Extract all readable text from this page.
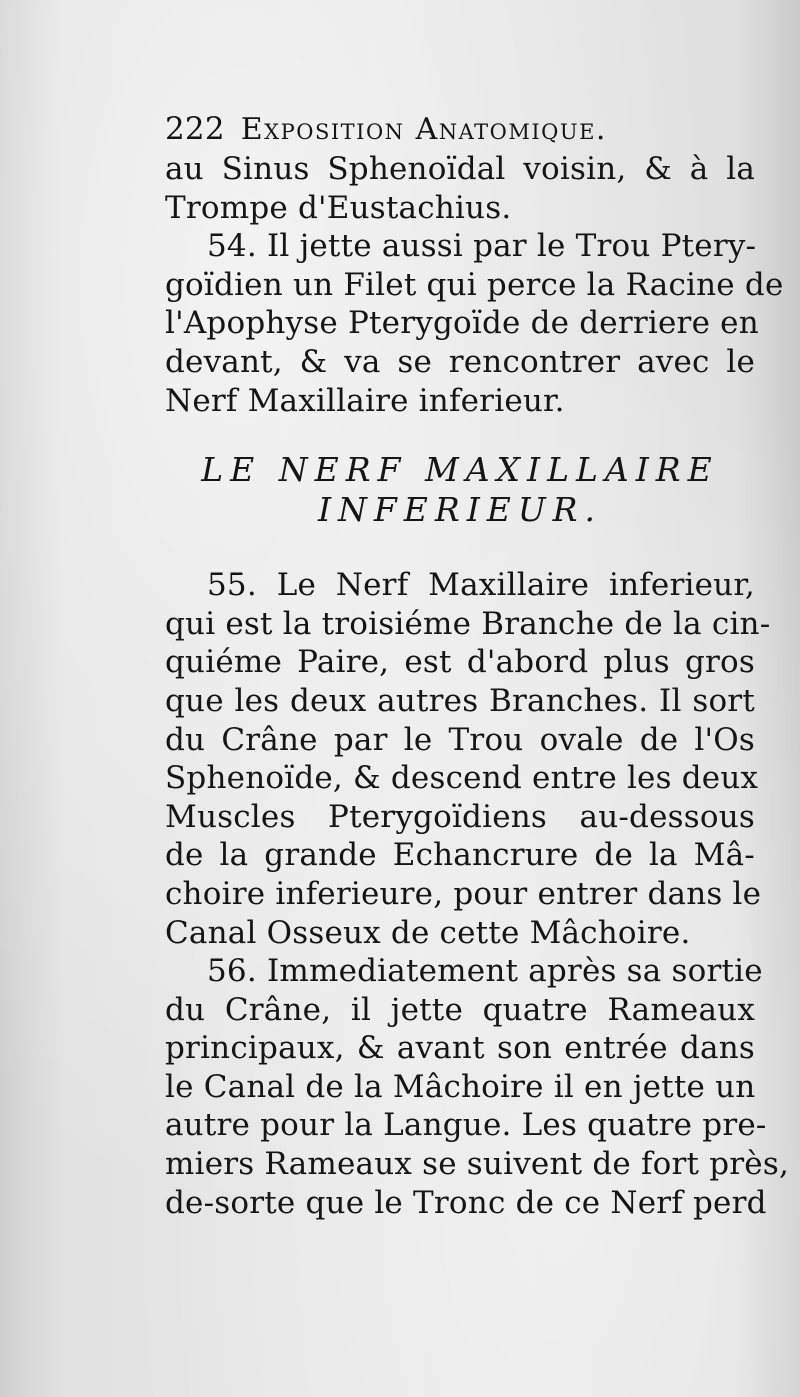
222 Exposition Anatomique.
au Sinus Sphenoïdal voisin, & à la
Trompe d'Eustachius.
54. Il jette aussi par le Trou Ptery-
goïdien un Filet qui perce la Racine de
l'Apophyse Pterygoïde de derriere en
devant, & va se rencontrer avec le
Nerf Maxillaire inferieur.
LE NERF MAXILLAIRE
INFERIEUR.
55. Le Nerf Maxillaire inferieur,
qui est la troisiéme Branche de la cin-
quiéme Paire, est d'abord plus gros
que les deux autres Branches. Il sort
du Crâne par le Trou ovale de l'Os
Sphenoïde, & descend entre les deux
Muscles Pterygoïdiens au-dessous
de la grande Echancrure de la Mâ-
choire inferieure, pour entrer dans le
Canal Osseux de cette Mâchoire.
56. Immediatement après sa sortie
du Crâne, il jette quatre Rameaux
principaux, & avant son entrée dans
le Canal de la Mâchoire il en jette un
autre pour la Langue. Les quatre pre-
miers Rameaux se suivent de fort près,
de-sorte que le Tronc de ce Nerf perd
